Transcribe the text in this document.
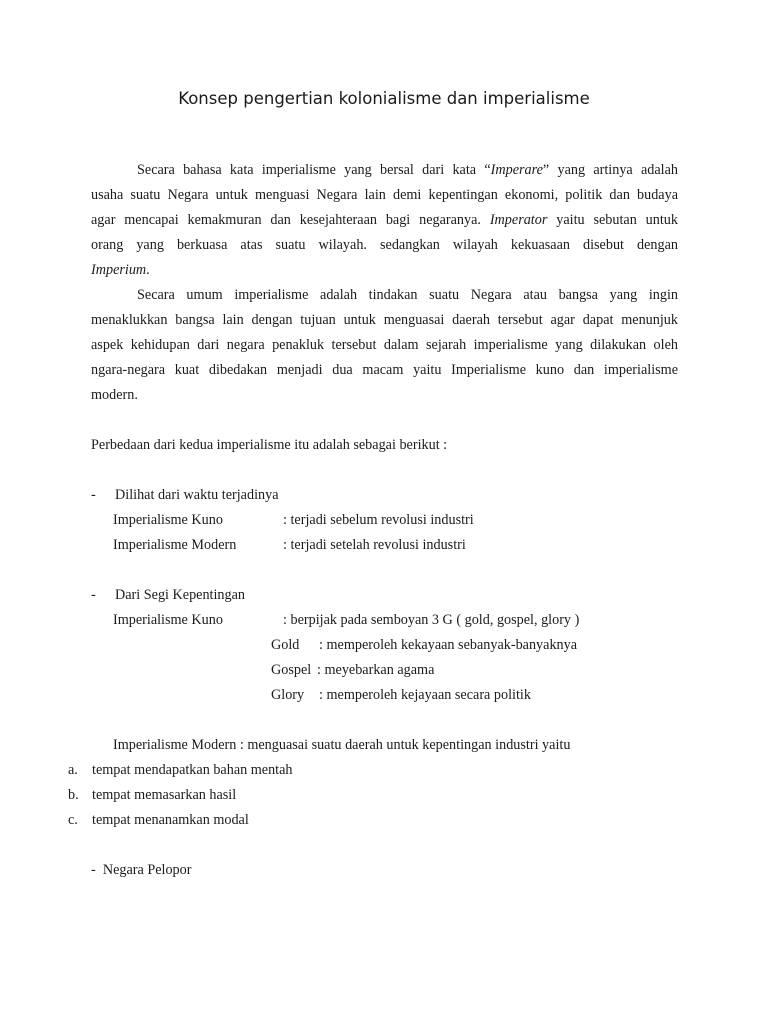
Konsep pengertian kolonialisme dan imperialisme
Secara bahasa kata imperialisme yang bersal dari kata “Imperare” yang artinya adalah
usaha suatu Negara untuk menguasi Negara lain demi kepentingan ekonomi, politik dan budaya
agar mencapai kemakmuran dan kesejahteraan bagi negaranya. Imperator yaitu sebutan untuk
orang yang berkuasa atas suatu wilayah. sedangkan wilayah kekuasaan disebut dengan
Imperium.
Secara umum imperialisme adalah tindakan suatu Negara atau bangsa yang ingin
menaklukkan bangsa lain dengan tujuan untuk menguasai daerah tersebut agar dapat menunjuk
aspek kehidupan dari negara penakluk tersebut dalam sejarah imperialisme yang dilakukan oleh
ngara-negara kuat dibedakan menjadi dua macam yaitu Imperialisme kuno dan imperialisme
modern.
Perbedaan dari kedua imperialisme itu adalah sebagai berikut :
- Dilihat dari waktu terjadinya
Imperialisme Kuno	: terjadi sebelum revolusi industri
Imperialisme Modern	: terjadi setelah revolusi industri
- Dari Segi Kepentingan
Imperialisme Kuno	: berpijak pada semboyan 3 G ( gold, gospel, glory )
Gold : memperoleh kekayaan sebanyak-banyaknya
Gospel : meyebarkan agama
Glory : memperoleh kejayaan secara politik
Imperialisme Modern : menguasai suatu daerah untuk kepentingan industri yaitu
a. tempat mendapatkan bahan mentah
b. tempat memasarkan hasil
c. tempat menanamkan modal
-  Negara Pelopor
